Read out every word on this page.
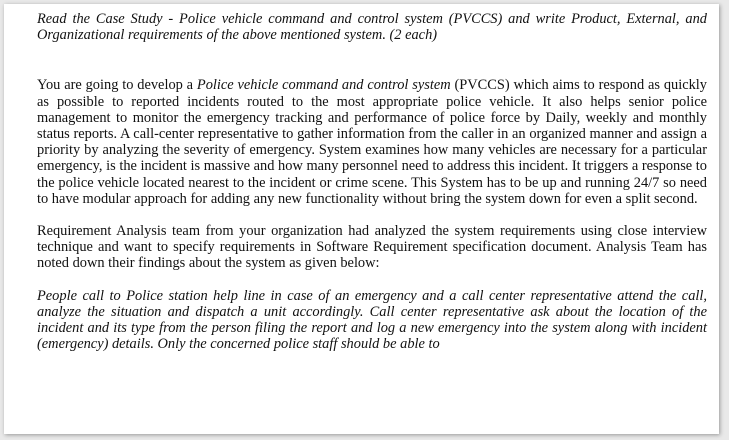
Read the Case Study - Police vehicle command and control system (PVCCS) and write Product, External, and Organizational requirements of the above mentioned system. (2 each)

You are going to develop a Police vehicle command and control system (PVCCS) which aims to respond as quickly as possible to reported incidents routed to the most appropriate police vehicle. It also helps senior police management to monitor the emergency tracking and performance of police force by Daily, weekly and monthly status reports. A call-center representative to gather information from the caller in an organized manner and assign a priority by analyzing the severity of emergency. System examines how many vehicles are necessary for a particular emergency, is the incident is massive and how many personnel need to address this incident. It triggers a response to the police vehicle located nearest to the incident or crime scene. This System has to be up and running 24/7 so need to have modular approach for adding any new functionality without bring the system down for even a split second.

Requirement Analysis team from your organization had analyzed the system requirements using close interview technique and want to specify requirements in Software Requirement specification document. Analysis Team has noted down their findings about the system as given below:

People call to Police station help line in case of an emergency and a call center representative attend the call, analyze the situation and dispatch a unit accordingly. Call center representative ask about the location of the incident and its type from the person filing the report and log a new emergency into the system along with incident (emergency) details. Only the concerned police staff should be able to
